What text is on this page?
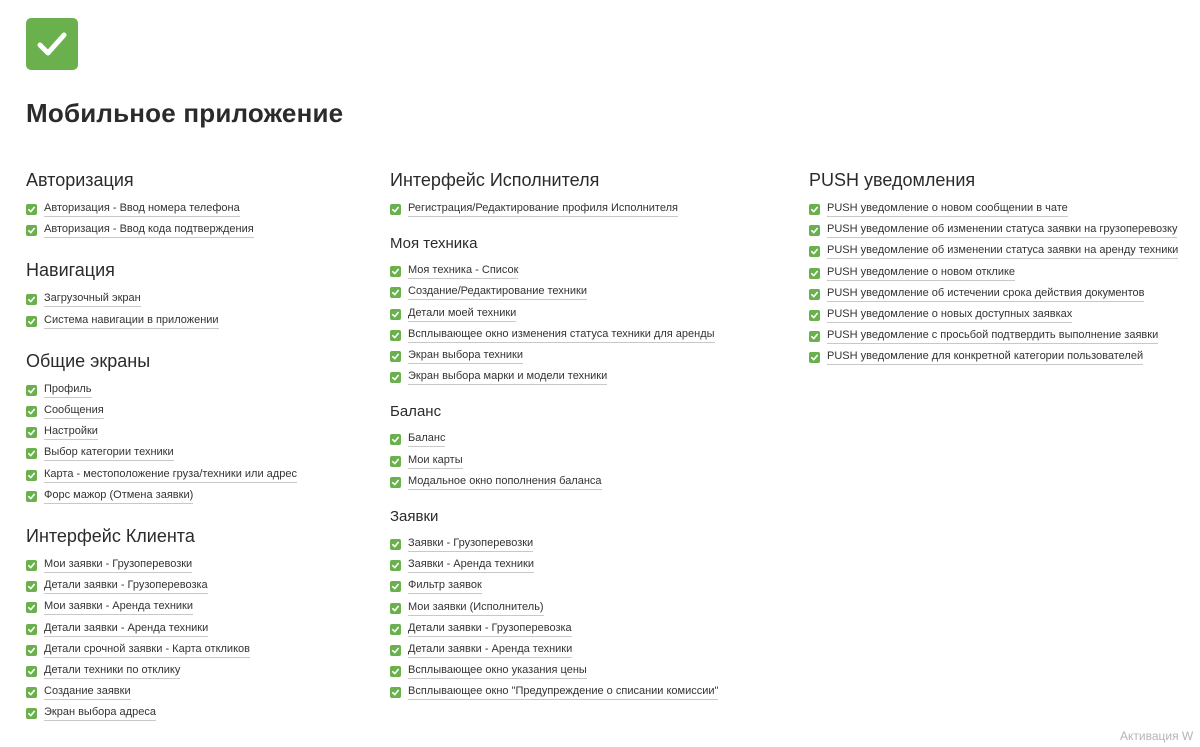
Мобильное приложение
Авторизация
Авторизация - Ввод номера телефона
Авторизация - Ввод кода подтверждения
Навигация
Загрузочный экран
Система навигации в приложении
Общие экраны
Профиль
Сообщения
Настройки
Выбор категории техники
Карта - местоположение груза/техники или адрес
Форс мажор (Отмена заявки)
Интерфейс Клиента
Мои заявки - Грузоперевозки
Детали заявки - Грузоперевозка
Мои заявки - Аренда техники
Детали заявки - Аренда техники
Детали срочной заявки - Карта откликов
Детали техники по отклику
Создание заявки
Экран выбора адреса
Интерфейс Исполнителя
Регистрация/Редактирование профиля Исполнителя
Моя техника
Моя техника - Список
Создание/Редактирование техники
Детали моей техники
Всплывающее окно изменения статуса техники для аренды
Экран выбора техники
Экран выбора марки и модели техники
Баланс
Баланс
Мои карты
Модальное окно пополнения баланса
Заявки
Заявки - Грузоперевозки
Заявки - Аренда техники
Фильтр заявок
Мои заявки (Исполнитель)
Детали заявки - Грузоперевозка
Детали заявки - Аренда техники
Всплывающее окно указания цены
Всплывающее окно "Предупреждение о списании комиссии"
PUSH уведомления
PUSH уведомление о новом сообщении в чате
PUSH уведомление об изменении статуса заявки на грузоперевозку
PUSH уведомление об изменении статуса заявки на аренду техники
PUSH уведомление о новом отклике
PUSH уведомление об истечении срока действия документов
PUSH уведомление о новых доступных заявках
PUSH уведомление с просьбой подтвердить выполнение заявки
PUSH уведомление для конкретной категории пользователей
Активация W
